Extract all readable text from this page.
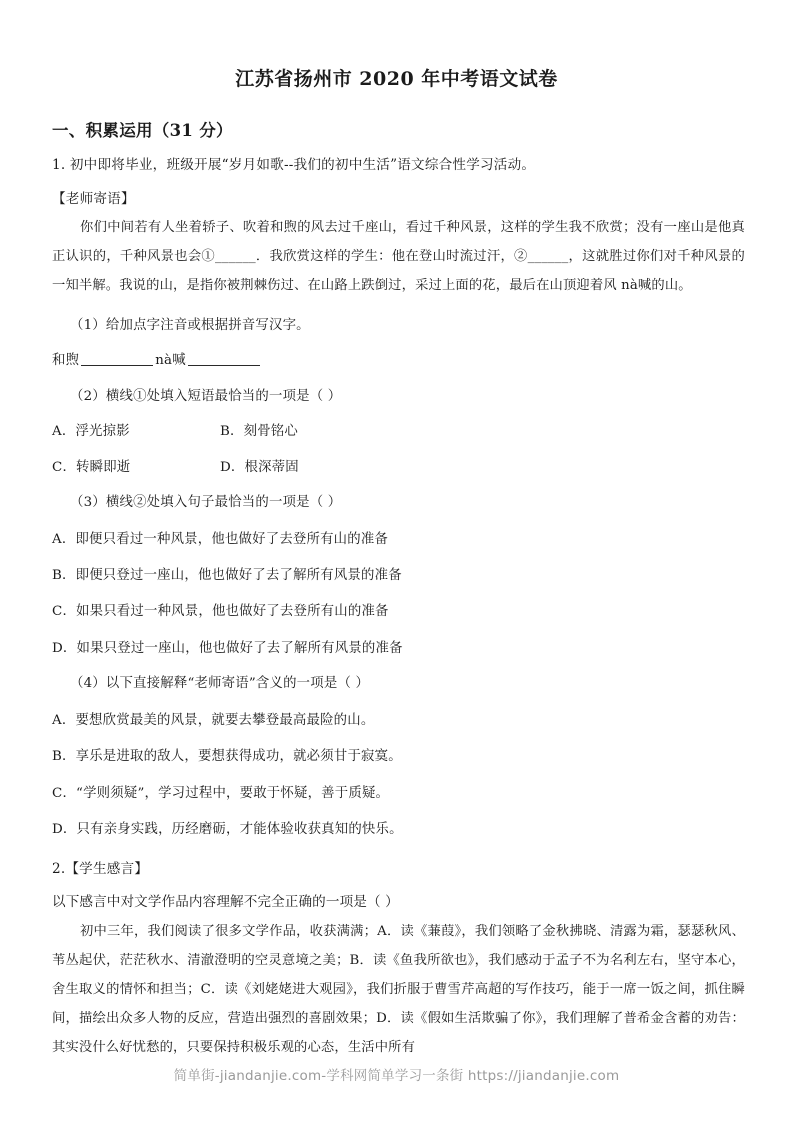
江苏省扬州市 2020 年中考语文试卷
一、积累运用（31 分）
1. 初中即将毕业，班级开展“岁月如歌--我们的初中生活”语文综合性学习活动。
【老师寄语】
你们中间若有人坐着轿子、吹着和煦的风去过千座山，看过千种风景，这样的学生我不欣赏；没有一座山是他真正认识的，千种风景也会①______．我欣赏这样的学生：他在登山时流过汗，②______，这就胜过你们对千种风景的一知半解。我说的山，是指你被荆棘伤过、在山路上跌倒过，采过上面的花，最后在山顶迎着风 nà喊的山。
（1）给加点字注音或根据拼音写汉字。
和煦	nà喊
（2）横线①处填入短语最恰当的一项是（ ）
A．浮光掠影	B．刻骨铭心
C．转瞬即逝	D．根深蒂固
（3）横线②处填入句子最恰当的一项是（ ）
A．即便只看过一种风景，他也做好了去登所有山的准备
B．即便只登过一座山，他也做好了去了解所有风景的准备
C．如果只看过一种风景，他也做好了去登所有山的准备
D．如果只登过一座山，他也做好了去了解所有风景的准备
（4）以下直接解释“老师寄语”含义的一项是（ ）
A．要想欣赏最美的风景，就要去攀登最高最险的山。
B．享乐是进取的敌人，要想获得成功，就必须甘于寂寞。
C．“学则须疑”，学习过程中，要敢于怀疑，善于质疑。
D．只有亲身实践，历经磨砺，才能体验收获真知的快乐。
2.【学生感言】
以下感言中对文学作品内容理解不完全正确的一项是（ ）
初中三年，我们阅读了很多文学作品，收获满满；A．读《蒹葭》，我们领略了金秋拂晓、清露为霜，瑟瑟秋风、苇丛起伏，茫茫秋水、清澈澄明的空灵意境之美；B．读《鱼我所欲也》，我们感动于孟子不为名利左右，坚守本心，舍生取义的情怀和担当；C．读《刘姥姥进大观园》，我们折服于曹雪芹高超的写作技巧，能于一席一饭之间，抓住瞬间，描绘出众多人物的反应，营造出强烈的喜剧效果；D．读《假如生活欺骗了你》，我们理解了普希金含蓄的劝告：其实没什么好忧愁的，只要保持积极乐观的心态，生活中所有
简单街-jiandanjie.com-学科网简单学习一条街 https://jiandanjie.com
